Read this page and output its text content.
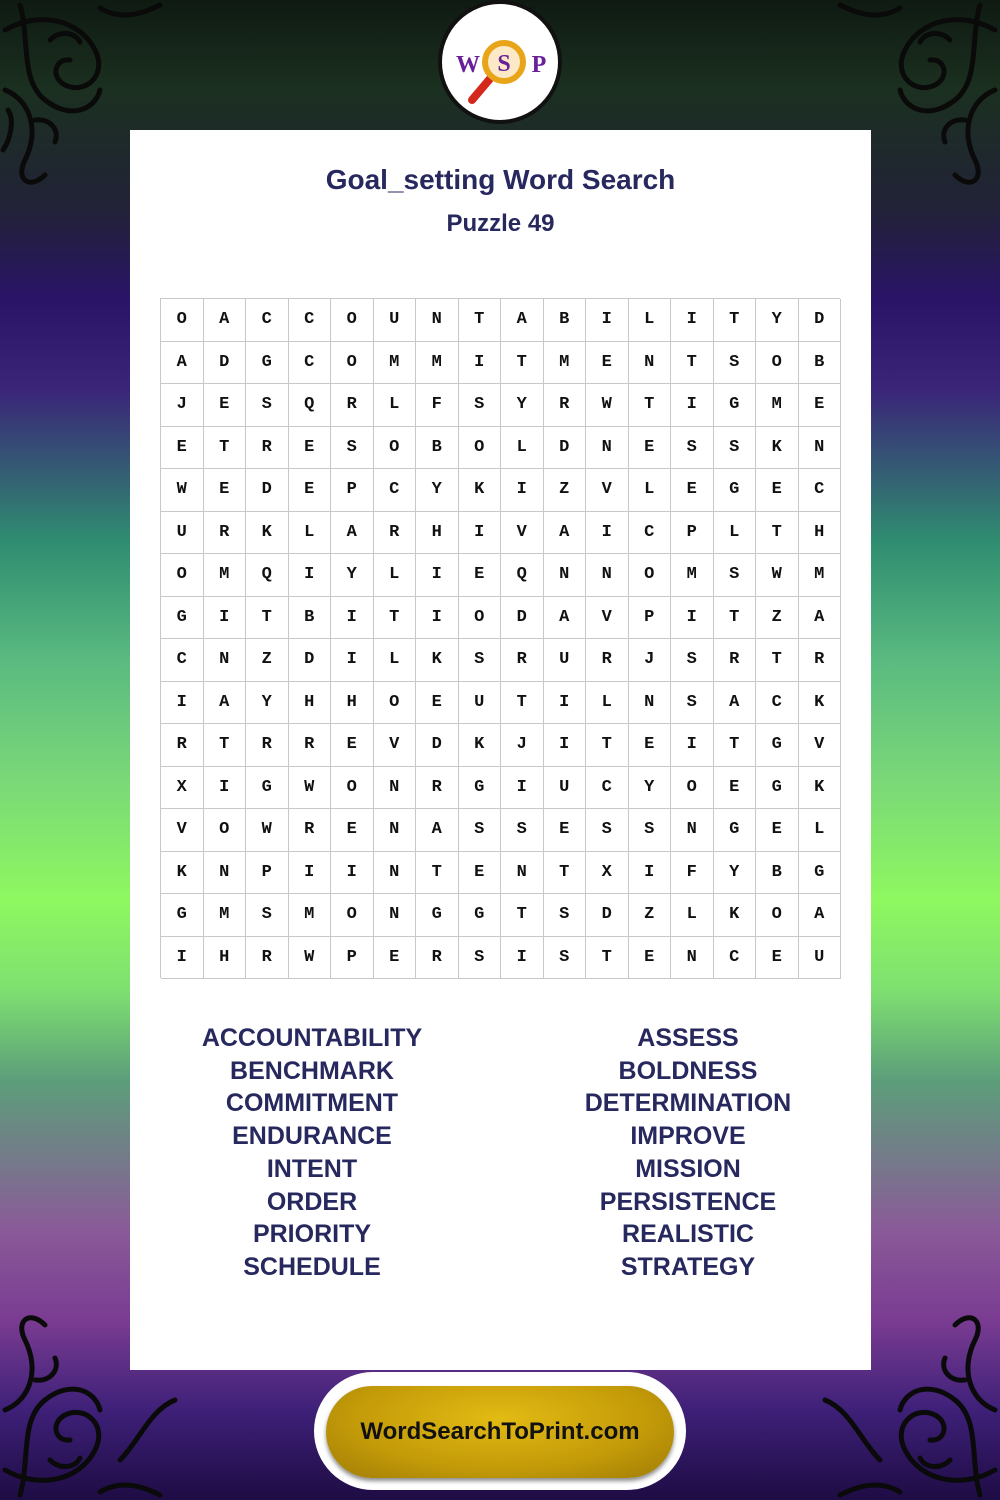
W S P
Goal_setting Word Search
Puzzle 49
O	A	C	C	O	U	N	T	A	B	I	L	I	T	Y	D
A	D	G	C	O	M	M	I	T	M	E	N	T	S	O	B
J	E	S	Q	R	L	F	S	Y	R	W	T	I	G	M	E
E	T	R	E	S	O	B	O	L	D	N	E	S	S	K	N
W	E	D	E	P	C	Y	K	I	Z	V	L	E	G	E	C
U	R	K	L	A	R	H	I	V	A	I	C	P	L	T	H
O	M	Q	I	Y	L	I	E	Q	N	N	O	M	S	W	M
G	I	T	B	I	T	I	O	D	A	V	P	I	T	Z	A
C	N	Z	D	I	L	K	S	R	U	R	J	S	R	T	R
I	A	Y	H	H	O	E	U	T	I	L	N	S	A	C	K
R	T	R	R	E	V	D	K	J	I	T	E	I	T	G	V
X	I	G	W	O	N	R	G	I	U	C	Y	O	E	G	K
V	O	W	R	E	N	A	S	S	E	S	S	N	G	E	L
K	N	P	I	I	N	T	E	N	T	X	I	F	Y	B	G
G	M	S	M	O	N	G	G	T	S	D	Z	L	K	O	A
I	H	R	W	P	E	R	S	I	S	T	E	N	C	E	U
ACCOUNTABILITY
BENCHMARK
COMMITMENT
ENDURANCE
INTENT
ORDER
PRIORITY
SCHEDULE
ASSESS
BOLDNESS
DETERMINATION
IMPROVE
MISSION
PERSISTENCE
REALISTIC
STRATEGY
WordSearchToPrint.com
